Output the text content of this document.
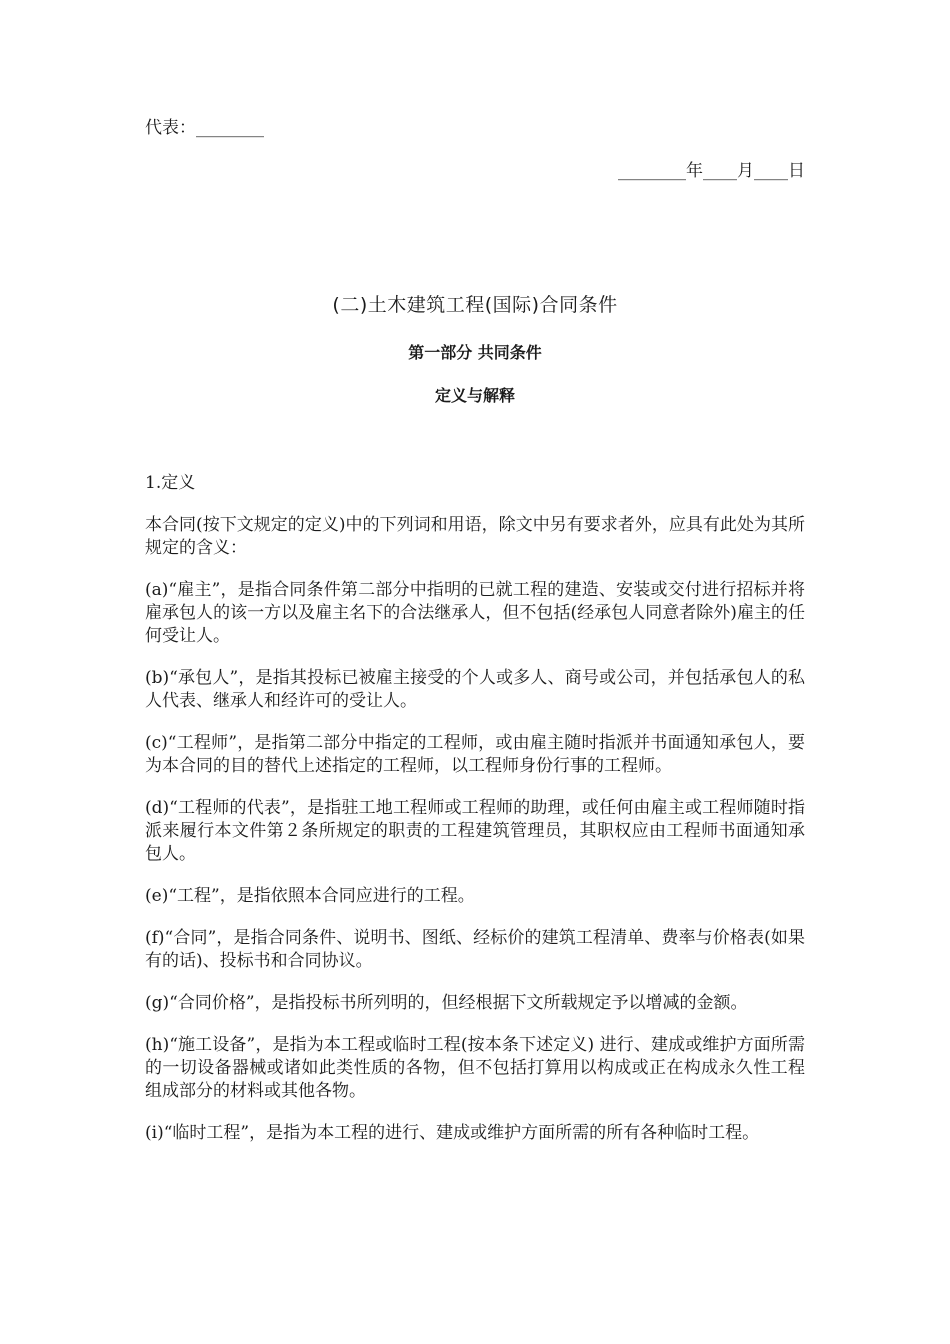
代表：________
________年____月____日
(二)土木建筑工程(国际)合同条件
第一部分 共同条件
定义与解释

1.定义

本合同(按下文规定的定义)中的下列词和用语，除文中另有要求者外，应具有此处为其所规定的含义：

(a)“雇主”，是指合同条件第二部分中指明的已就工程的建造、安装或交付进行招标并将雇承包人的该一方以及雇主名下的合法继承人，但不包括(经承包人同意者除外)雇主的任何受让人。

(b)“承包人”，是指其投标已被雇主接受的个人或多人、商号或公司，并包括承包人的私人代表、继承人和经许可的受让人。

(c)“工程师”，是指第二部分中指定的工程师，或由雇主随时指派并书面通知承包人，要为本合同的目的替代上述指定的工程师，以工程师身份行事的工程师。

(d)“工程师的代表”，是指驻工地工程师或工程师的助理，或任何由雇主或工程师随时指派来履行本文件第２条所规定的职责的工程建筑管理员，其职权应由工程师书面通知承包人。

(e)“工程”，是指依照本合同应进行的工程。

(f)“合同”，是指合同条件、说明书、图纸、经标价的建筑工程清单、费率与价格表(如果有的话)、投标书和合同协议。

(g)“合同价格”，是指投标书所列明的，但经根据下文所载规定予以增减的金额。

(h)“施工设备”，是指为本工程或临时工程(按本条下述定义) 进行、建成或维护方面所需的一切设备器械或诸如此类性质的各物，但不包括打算用以构成或正在构成永久性工程组成部分的材料或其他各物。

(i)“临时工程”，是指为本工程的进行、建成或维护方面所需的所有各种临时工程。
